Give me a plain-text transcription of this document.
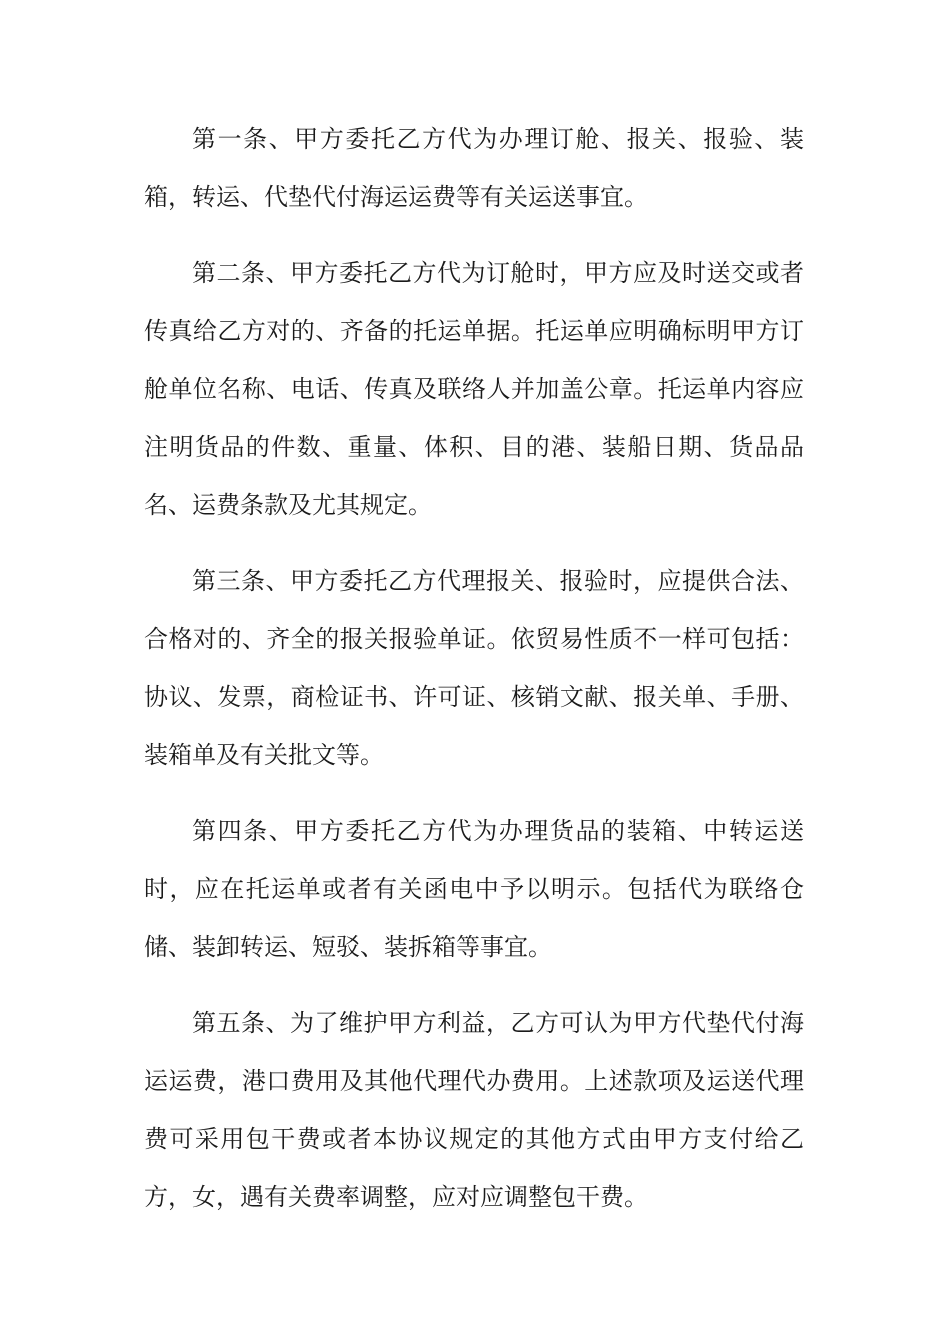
第一条、甲方委托乙方代为办理订舱、报关、报验、装箱，转运、代垫代付海运运费等有关运送事宜。

第二条、甲方委托乙方代为订舱时，甲方应及时送交或者传真给乙方对的、齐备的托运单据。托运单应明确标明甲方订舱单位名称、电话、传真及联络人并加盖公章。托运单内容应注明货品的件数、重量、体积、目的港、装船日期、货品品名、运费条款及尤其规定。

第三条、甲方委托乙方代理报关、报验时，应提供合法、合格对的、齐全的报关报验单证。依贸易性质不一样可包括：协议、发票，商检证书、许可证、核销文献、报关单、手册、装箱单及有关批文等。

第四条、甲方委托乙方代为办理货品的装箱、中转运送时，应在托运单或者有关函电中予以明示。包括代为联络仓储、装卸转运、短驳、装拆箱等事宜。

第五条、为了维护甲方利益，乙方可认为甲方代垫代付海运运费，港口费用及其他代理代办费用。上述款项及运送代理费可采用包干费或者本协议规定的其他方式由甲方支付给乙方，女，遇有关费率调整，应对应调整包干费。
